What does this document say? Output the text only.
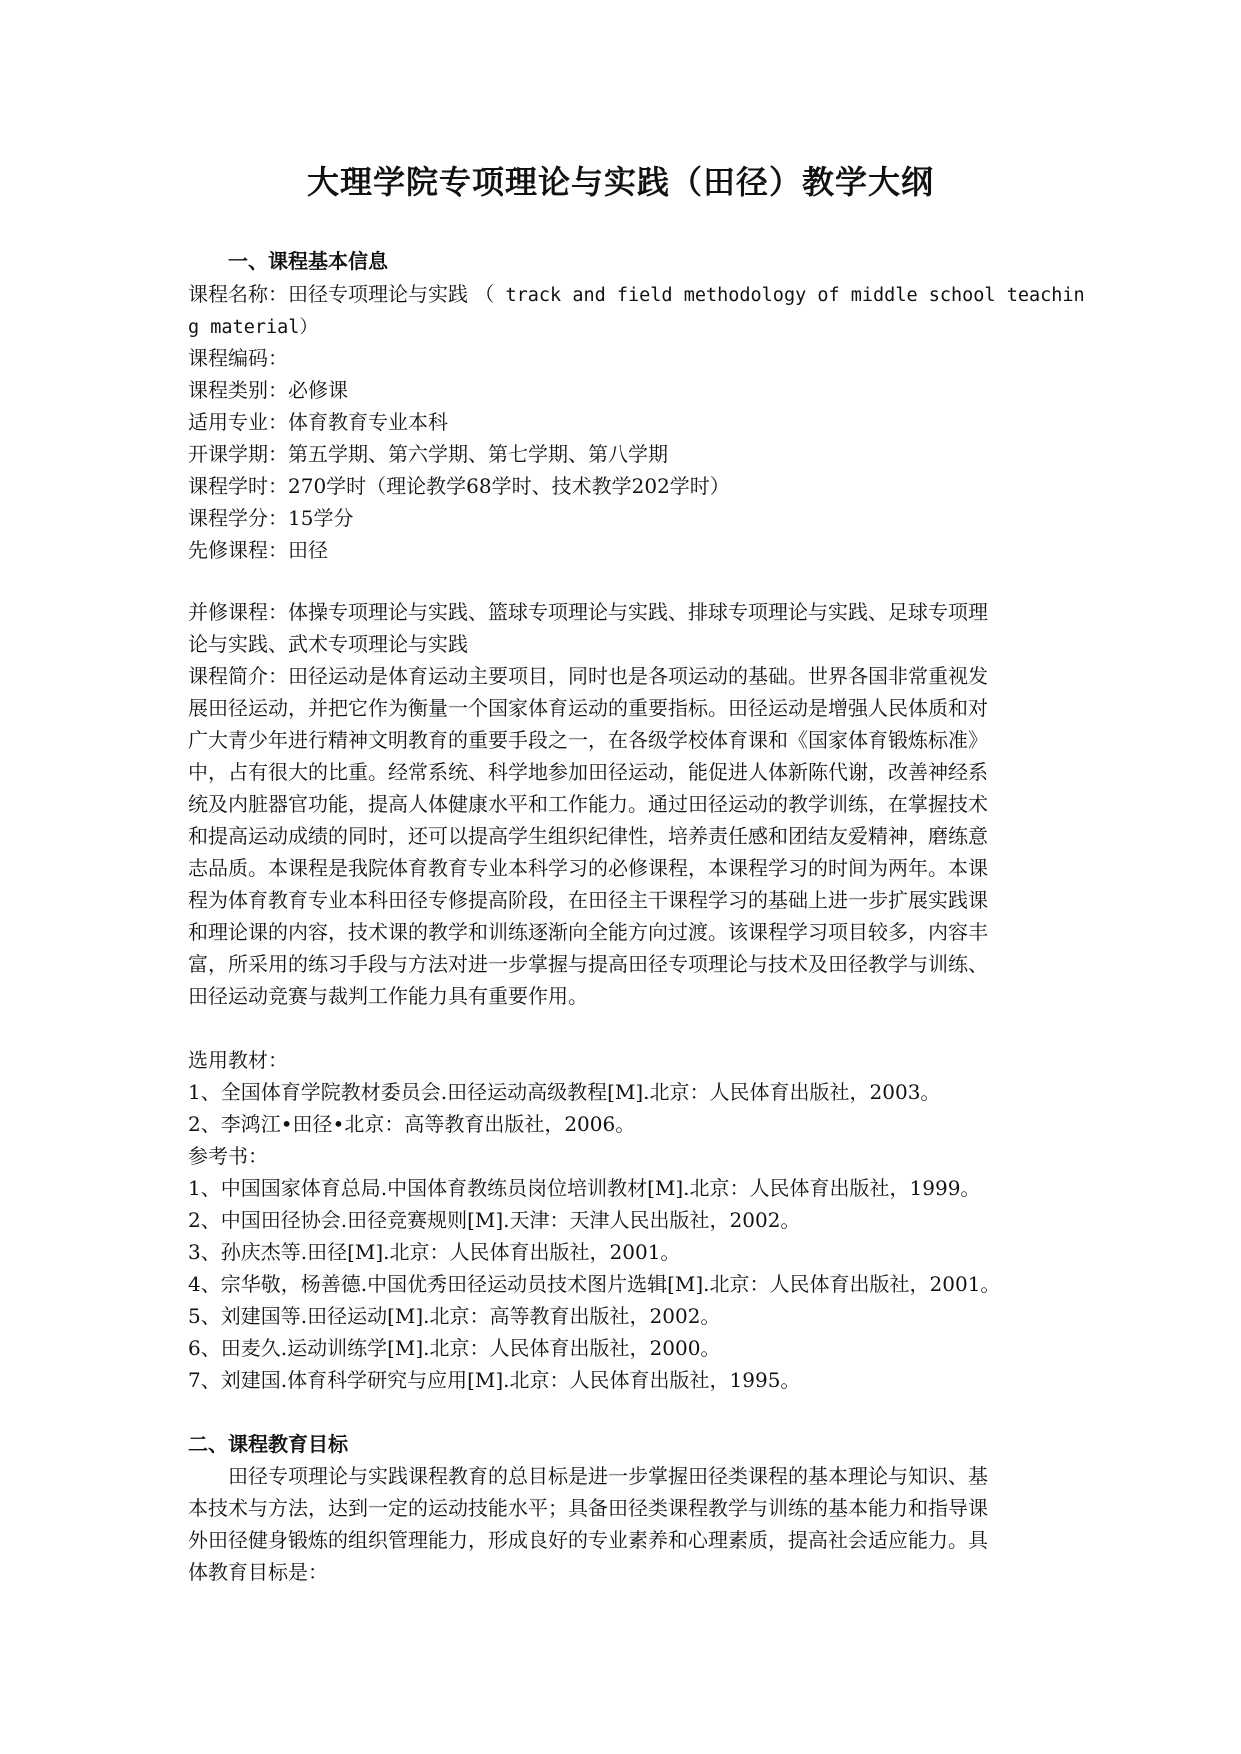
大理学院专项理论与实践（田径）教学大纲
一、课程基本信息
课程名称：田径专项理论与实践 （ track and field methodology of middle school teachin
g material）
课程编码：
课程类别：必修课
适用专业：体育教育专业本科
开课学期：第五学期、第六学期、第七学期、第八学期
课程学时：270学时（理论教学68学时、技术教学202学时）
课程学分：15学分
先修课程：田径
并修课程：体操专项理论与实践、篮球专项理论与实践、排球专项理论与实践、足球专项理
论与实践、武术专项理论与实践
课程简介：田径运动是体育运动主要项目，同时也是各项运动的基础。世界各国非常重视发
展田径运动，并把它作为衡量一个国家体育运动的重要指标。田径运动是增强人民体质和对
广大青少年进行精神文明教育的重要手段之一，在各级学校体育课和《国家体育锻炼标准》
中，占有很大的比重。经常系统、科学地参加田径运动，能促进人体新陈代谢，改善神经系
统及内脏器官功能，提高人体健康水平和工作能力。通过田径运动的教学训练，在掌握技术
和提高运动成绩的同时，还可以提高学生组织纪律性，培养责任感和团结友爱精神，磨练意
志品质。本课程是我院体育教育专业本科学习的必修课程，本课程学习的时间为两年。本课
程为体育教育专业本科田径专修提高阶段，在田径主干课程学习的基础上进一步扩展实践课
和理论课的内容，技术课的教学和训练逐渐向全能方向过渡。该课程学习项目较多，内容丰
富，所采用的练习手段与方法对进一步掌握与提高田径专项理论与技术及田径教学与训练、
田径运动竞赛与裁判工作能力具有重要作用。
选用教材：
1、全国体育学院教材委员会.田径运动高级教程[M].北京：人民体育出版社，2003。
2、李鸿江•田径•北京：高等教育出版社，2006。
参考书：
1、中国国家体育总局.中国体育教练员岗位培训教材[M].北京：人民体育出版社，1999。
2、中国田径协会.田径竞赛规则[M].天津：天津人民出版社，2002。
3、孙庆杰等.田径[M].北京：人民体育出版社，2001。
4、宗华敬，杨善德.中国优秀田径运动员技术图片选辑[M].北京：人民体育出版社，2001。
5、刘建国等.田径运动[M].北京：高等教育出版社，2002。
6、田麦久.运动训练学[M].北京：人民体育出版社，2000。
7、刘建国.体育科学研究与应用[M].北京：人民体育出版社，1995。
二、课程教育目标
田径专项理论与实践课程教育的总目标是进一步掌握田径类课程的基本理论与知识、基
本技术与方法，达到一定的运动技能水平；具备田径类课程教学与训练的基本能力和指导课
外田径健身锻炼的组织管理能力，形成良好的专业素养和心理素质，提高社会适应能力。具
体教育目标是：
